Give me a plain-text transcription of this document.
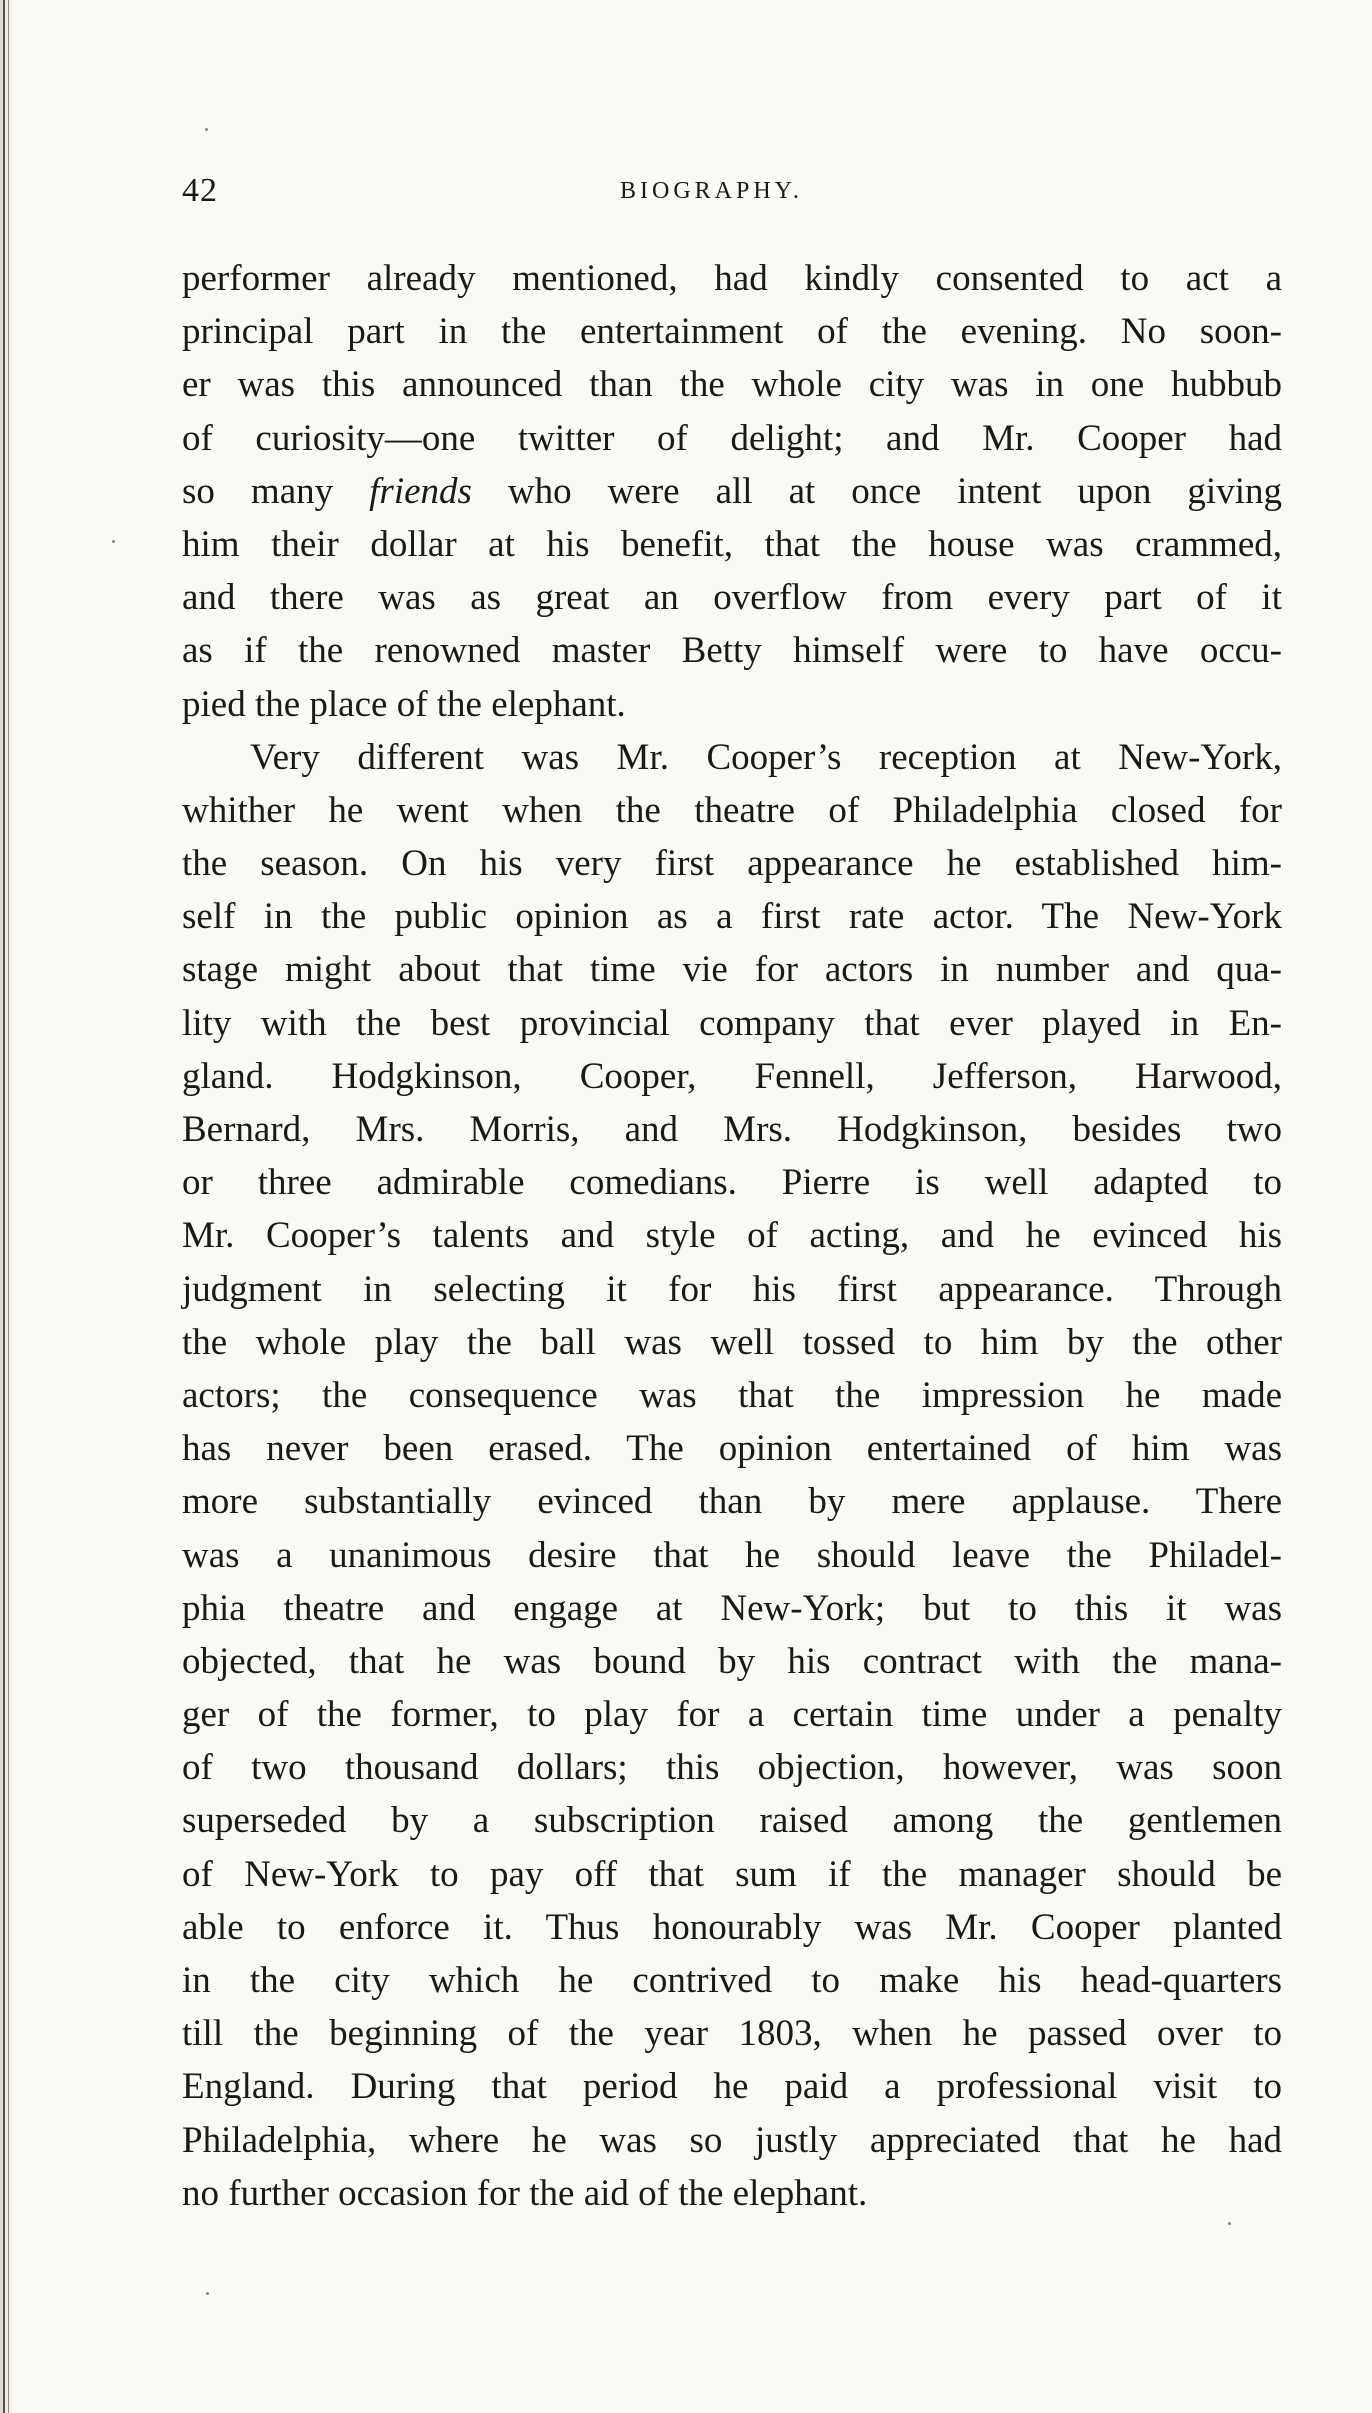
42	BIOGRAPHY.
performer already mentioned, had kindly consented to act a
principal part in the entertainment of the evening. No soon-
er was this announced than the whole city was in one hubbub
of curiosity—one twitter of delight; and Mr. Cooper had
so many friends who were all at once intent upon giving
him their dollar at his benefit, that the house was crammed,
and there was as great an overflow from every part of it
as if the renowned master Betty himself were to have occu-
pied the place of the elephant.
Very different was Mr. Cooper’s reception at New-York,
whither he went when the theatre of Philadelphia closed for
the season. On his very first appearance he established him-
self in the public opinion as a first rate actor. The New-York
stage might about that time vie for actors in number and qua-
lity with the best provincial company that ever played in En-
gland. Hodgkinson, Cooper, Fennell, Jefferson, Harwood,
Bernard, Mrs. Morris, and Mrs. Hodgkinson, besides two
or three admirable comedians. Pierre is well adapted to
Mr. Cooper’s talents and style of acting, and he evinced his
judgment in selecting it for his first appearance. Through
the whole play the ball was well tossed to him by the other
actors; the consequence was that the impression he made
has never been erased. The opinion entertained of him was
more substantially evinced than by mere applause. There
was a unanimous desire that he should leave the Philadel-
phia theatre and engage at New-York; but to this it was
objected, that he was bound by his contract with the mana-
ger of the former, to play for a certain time under a penalty
of two thousand dollars; this objection, however, was soon
superseded by a subscription raised among the gentlemen
of New-York to pay off that sum if the manager should be
able to enforce it. Thus honourably was Mr. Cooper planted
in the city which he contrived to make his head-quarters
till the beginning of the year 1803, when he passed over to
England. During that period he paid a professional visit to
Philadelphia, where he was so justly appreciated that he had
no further occasion for the aid of the elephant.
